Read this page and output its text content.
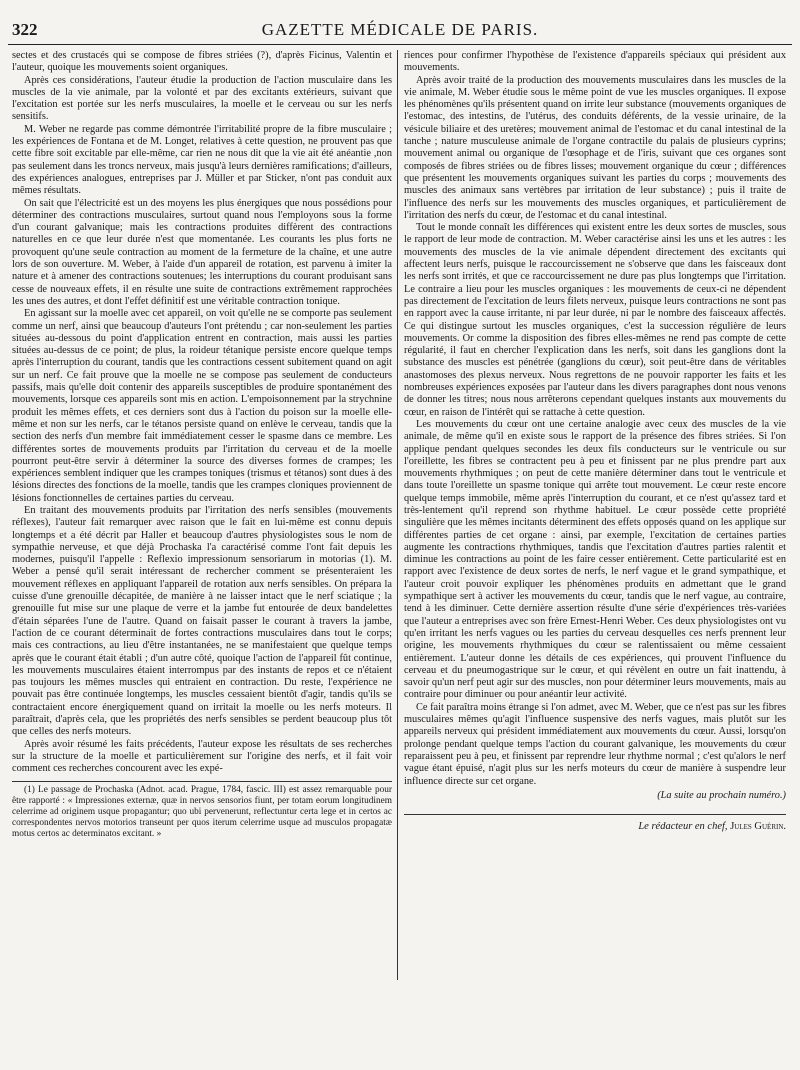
322	GAZETTE MÉDICALE DE PARIS.

sectes et des crustacés qui se compose de fibres striées (?), d'après Ficinus, Valentin et l'auteur, quoique les mouvements soient organiques.

Après ces considérations, l'auteur étudie la production de l'action musculaire dans les muscles de la vie animale, par la volonté et par des excitants extérieurs, suivant que l'excitation est portée sur les nerfs musculaires, la moelle et le cerveau ou sur les nerfs sensitifs.

M. Weber ne regarde pas comme démontrée l'irritabilité propre de la fibre musculaire ; les expériences de Fontana et de M. Longet, relatives à cette question, ne prouvent pas que cette fibre soit excitable par elle-même, car rien ne nous dit que la vie ait été anéantie ,non pas seulement dans les troncs nerveux, mais jusqu'à leurs dernières ramifications; d'ailleurs, des expériences analogues, entreprises par J. Müller et par Sticker, n'ont pas conduit aux mêmes résultats.

On sait que l'électricité est un des moyens les plus énergiques que nous possédions pour déterminer des contractions musculaires, surtout quand nous l'employons sous la forme d'un courant galvanique; mais les contractions produites diffèrent des contractions naturelles en ce que leur durée n'est que momentanée. Les courants les plus forts ne provoquent qu'une seule contraction au moment de la fermeture de la chaîne, et une autre lors de son ouverture. M. Weber, à l'aide d'un appareil de rotation, est parvenu à imiter la nature et à amener des contractions soutenues; les interruptions du courant produisant sans cesse de nouveaux effets, il en résulte une suite de contractions extrêmement rapprochées les unes des autres, et dont l'effet définitif est une véritable contraction tonique.

En agissant sur la moelle avec cet appareil, on voit qu'elle ne se comporte pas seulement comme un nerf, ainsi que beaucoup d'auteurs l'ont prétendu ; car non-seulement les parties situées au-dessous du point d'application entrent en contraction, mais aussi les parties situées au-dessus de ce point; de plus, la roideur tétanique persiste encore quelque temps après l'interruption du courant, tandis que les contractions cessent subitement quand on agit sur un nerf. Ce fait prouve que la moelle ne se compose pas seulement de conducteurs passifs, mais qu'elle doit contenir des appareils susceptibles de produire spontanément des mouvements, lorsque ces appareils sont mis en action. L'empoisonnement par la strychnine produit les mêmes effets, et ces derniers sont dus à l'action du poison sur la moelle elle-même et non sur les nerfs, car le tétanos persiste quand on enlève le cerveau, tandis que la section des nerfs d'un membre fait immédiatement cesser le spasme dans ce membre. Les différentes sortes de mouvements produits par l'irritation du cerveau et de la moelle pourront peut-être servir à déterminer la source des diverses formes de crampes; les expériences semblent indiquer que les crampes toniques (trismus et tétanos) sont dues à des lésions directes des fonctions de la moelle, tandis que les crampes cloniques proviennent de lésions fonctionnelles de certaines parties du cerveau.

En traitant des mouvements produits par l'irritation des nerfs sensibles (mouvements réflexes), l'auteur fait remarquer avec raison que le fait en lui-même est connu depuis longtemps et a été décrit par Haller et beaucoup d'autres physiologistes sous le nom de sympathie nerveuse, et que déjà Prochaska l'a caractérisé comme l'ont fait depuis les modernes, puisqu'il l'appelle : Reflexio impressionum sensoriarum in motorias (1). M. Weber a pensé qu'il serait intéressant de rechercher comment se présenteraient les mouvement réflexes en appliquant l'appareil de rotation aux nerfs sensibles. On prépara la cuisse d'une grenouille décapitée, de manière à ne laisser intact que le nerf sciatique ; la grenouille fut mise sur une plaque de verre et la jambe fut entourée de deux bandelettes d'étain séparées l'une de l'autre. Quand on faisait passer le courant à travers la jambe, l'action de ce courant déterminait de fortes contractions musculaires dans tout le corps; mais ces contractions, au lieu d'être instantanées, ne se manifestaient que quelque temps après que le courant était établi ; d'un autre côté, quoique l'action de l'appareil fût continue, les mouvements musculaires étaient interrompus par des instants de repos et ce n'étaient pas toujours les mêmes muscles qui entraient en contraction. Du reste, l'expérience ne pouvait pas être continuée longtemps, les muscles cessaient bientôt d'agir, tandis qu'ils se contractaient encore énergiquement quand on irritait la moelle ou les nerfs moteurs. Il paraîtrait, d'après cela, que les propriétés des nerfs sensibles se perdent beaucoup plus tôt que celles des nerfs moteurs.

Après avoir résumé les faits précédents, l'auteur expose les résultats de ses recherches sur la structure de la moelle et particulièrement sur l'origine des nerfs, et il fait voir comment ces recherches concourent avec les expé-

(1) Le passage de Prochaska (Adnot. acad. Prague, 1784, fascic. III) est assez remarquable pour être rapporté : « Impressiones externæ, quæ in nervos sensorios fiunt, per totam eorum longitudinem celerrime ad originem usque propagantur; quo ubi pervenerunt, reflectuntur certa lege et in certos ac correspondentes nervos motorios transeunt per quos iterum celerrime usque ad musculos propagatæ motus certos ac determinatos excitant. »

riences pour confirmer l'hypothèse de l'existence d'appareils spéciaux qui président aux mouvements.

Après avoir traité de la production des mouvements musculaires dans les muscles de la vie animale, M. Weber étudie sous le même point de vue les muscles organiques. Il expose les phénomènes qu'ils présentent quand on irrite leur substance (mouvements organiques de l'estomac, des intestins, de l'utérus, des conduits déférents, de la vessie urinaire, de la vésicule biliaire et des uretères; mouvement animal de l'estomac et du canal intestinal de la tanche ; nature musculeuse animale de l'organe contractile du palais de plusieurs cyprins; mouvement animal ou organique de l'œsophage et de l'iris, suivant que ces organes sont composés de fibres striées ou de fibres lisses; mouvement organique du cœur ; différences que présentent les mouvements organiques suivant les parties du corps ; mouvements des muscles des animaux sans vertèbres par irritation de leur substance) ; puis il traite de l'influence des nerfs sur les mouvements des muscles organiques, et particulièrement de l'irritation des nerfs du cœur, de l'estomac et du canal intestinal.

Tout le monde connaît les différences qui existent entre les deux sortes de muscles, sous le rapport de leur mode de contraction. M. Weber caractérise ainsi les uns et les autres : les mouvements des muscles de la vie animale dépendent directement des excitants qui affectent leurs nerfs, puisque le raccourcissement ne s'observe que dans les faisceaux dont les nerfs sont irrités, et que ce raccourcissement ne dure pas plus longtemps que l'irritation. Le contraire a lieu pour les muscles organiques : les mouvements de ceux-ci ne dépendent pas directement de l'excitation de leurs filets nerveux, puisque leurs contractions ne sont pas en rapport avec la cause irritante, ni par leur durée, ni par le nombre des faisceaux affectés. Ce qui distingue surtout les muscles organiques, c'est la succession régulière de leurs mouvements. Or comme la disposition des fibres elles-mêmes ne rend pas compte de cette régularité, il faut en chercher l'explication dans les nerfs, soit dans les ganglions dont la substance des muscles est pénétrée (ganglions du cœur), soit peut-être dans de véritables anastomoses des plexus nerveux. Nous regrettons de ne pouvoir rapporter les faits et les nombreuses expériences exposées par l'auteur dans les divers paragraphes dont nous venons de donner les titres; nous nous arrêterons cependant quelques instants aux mouvements du cœur, en raison de l'intérêt qui se rattache à cette question.

Les mouvements du cœur ont une certaine analogie avec ceux des muscles de la vie animale, de même qu'il en existe sous le rapport de la présence des fibres striées. Si l'on applique pendant quelques secondes les deux fils conducteurs sur le ventricule ou sur l'oreillette, les fibres se contractent peu à peu et finissent par ne plus prendre part aux mouvements rhythmiques ; on peut de cette manière déterminer dans tout le ventricule et dans toute l'oreillette un spasme tonique qui arrête tout mouvement. Le cœur reste encore quelque temps immobile, même après l'interruption du courant, et ce n'est qu'assez tard et très-lentement qu'il reprend son rhythme habituel. Le cœur possède cette propriété singulière que les mêmes incitants déterminent des effets opposés quand on les applique sur différentes parties de cet organe : ainsi, par exemple, l'excitation de certaines parties augmente les contractions rhythmiques, tandis que l'excitation d'autres parties ralentit et diminue les contractions au point de les faire cesser entièrement. Cette particularité est en rapport avec l'existence de deux sortes de nerfs, le nerf vague et le grand sympathique, et l'auteur croit pouvoir expliquer les phénomènes produits en admettant que le grand sympathique sert à activer les mouvements du cœur, tandis que le nerf vague, au contraire, tend à les diminuer. Cette dernière assertion résulte d'une série d'expériences très-variées que l'auteur a entreprises avec son frère Ernest-Henri Weber. Ces deux physiologistes ont vu qu'en irritant les nerfs vagues ou les parties du cerveau desquelles ces nerfs prennent leur origine, les mouvements rhythmiques du cœur se ralentissaient ou même cessaient entièrement. L'auteur donne les détails de ces expériences, qui prouvent l'influence du cerveau et du pneumogastrique sur le cœur, et qui révèlent en outre un fait inattendu, à savoir qu'un nerf peut agir sur des muscles, non pour déterminer leurs mouvements, mais au contraire pour diminuer ou pour anéantir leur activité.

Ce fait paraîtra moins étrange si l'on admet, avec M. Weber, que ce n'est pas sur les fibres musculaires mêmes qu'agit l'influence suspensive des nerfs vagues, mais plutôt sur les appareils nerveux qui président immédiatement aux mouvements du cœur. Aussi, lorsqu'on prolonge pendant quelque temps l'action du courant galvanique, les mouvements du cœur reparaissent peu à peu, et finissent par reprendre leur rhythme normal ; c'est qu'alors le nerf vague étant épuisé, n'agit plus sur les nerfs moteurs du cœur de manière à suspendre leur influence directe sur cet organe.

(La suite au prochain numéro.)
Le rédacteur en chef, Jules Guérin.
